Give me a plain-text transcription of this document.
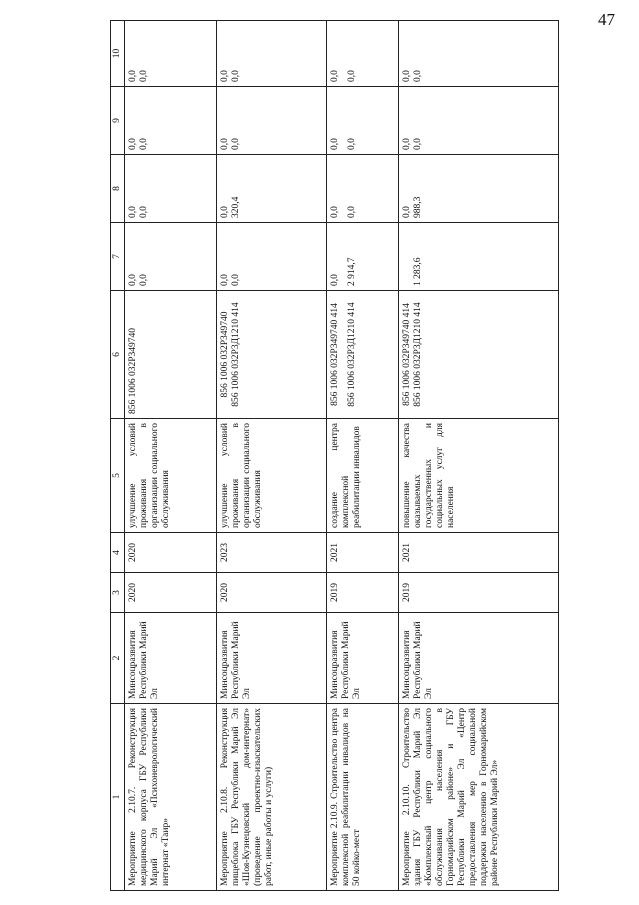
47
1	2	3	4	5	6	7	8	9	10
Мероприятие 2.10.7. Реконструкция медицинского корпуса ГБУ Республики Марий Эл «Психоневрологический интернат «Таир»	Минсоцразвития Республики Марий Эл	2020	2020	улучшение условий проживания в организации социального обслуживания	856 1006 032P349740	0,0 0,0	0,0 0,0	0,0 0,0	0,0 0,0

Мероприятие 2.10.8. Реконструкция пищеблока ГБУ Республики Марий Эл «Шоя-Кузнецовский дом-интернат» (проведение проектно-изыскательских работ, иные работы и услуги)	Минсоцразвития Республики Марий Эл	2020	2023	улучшение условий проживания в организации социального обслуживания	856 1006 032P349740 856 1006 032P3Д1210 414	0,0 0,0	0,0 320,4	0,0 0,0	0,0 0,0

Мероприятие 2.10.9. Строительство центра комплексной реабилитации инвалидов на 50 койко-мест	Минсоцразвития Республики Марий Эл	2019	2021	создание центра комплексной реабилитации инвалидов	856 1006 032P349740 414 856 1006 032P3Д1210 414	0,0 2 914,7	0,0 0,0	0,0 0,0	0,0 0,0

Мероприятие 2.10.10. Строительство здания ГБУ Республики Марий Эл «Комплексный центр социального обслуживания населения в Горномарийском районе» и ГБУ Республики Марий Эл «Центр предоставления мер социальной поддержки населению в Горномарийском районе Республики Марий Эл»	Минсоцразвития Республики Марий Эл	2019	2021	повышение качества оказываемых государственных и социальных услуг для населения	856 1006 032P349740 414 856 1006 032P3Д1210 414	1 283,6	0,0 988,3	0,0 0,0	0,0 0,0
